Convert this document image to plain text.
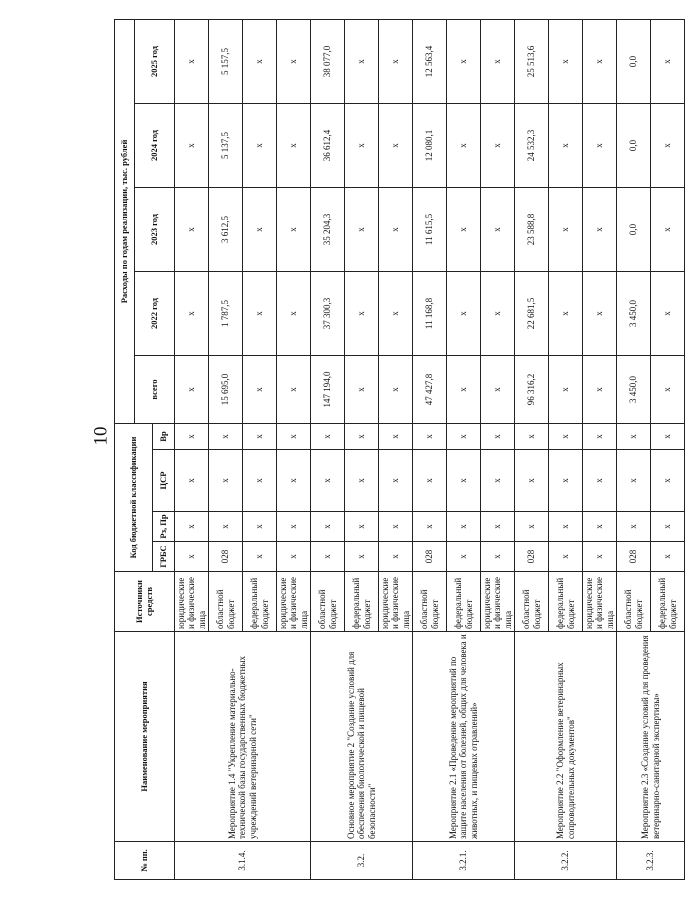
10
№ пп.	Наименование мероприятия	Источники средств	Код бюджетной классификации				Расходы по годам реализации, тыс. рублей				
							всего	2022 год	2023 год	2024 год	2025 год
			ГРБС	Рз, Пр	ЦСР	Вр					
3.1.4.	Мероприятие 1.4 "Укрепление материально-технической базы государственных бюджетных учреждений ветеринарной сети"	юридические и физические лица	х	х	х	х	х	х	х	х	х
		областной бюджет	028	х	х	х	15 695,0	1 787,5	3 612,5	5 137,5	5 157,5
		федеральный бюджет	х	х	х	х	х	х	х	х	х
		юридические и физические лица	х	х	х	х	х	х	х	х	х
3.2.	Основное мероприятие 2 "Создание условий для обеспечения биологической и пищевой безопасности"	областной бюджет	х	х	х	х	147 194,0	37 300,3	35 204,3	36 612,4	38 077,0
		федеральный бюджет	х	х	х	х	х	х	х	х	х
		юридические и физические лица	х	х	х	х	х	х	х	х	х
3.2.1.	Мероприятие 2.1 «Проведение мероприятий по защите населения от болезней, общих для человека и животных, и пищевых отравлений»	областной бюджет	028	х	х	х	47 427,8	11 168,8	11 615,5	12 080,1	12 563,4
		федеральный бюджет	х	х	х	х	х	х	х	х	х
		юридические и физические лица	х	х	х	х	х	х	х	х	х
3.2.2.	Мероприятие 2.2 "Оформление ветеринарных сопроводительных документов"	областной бюджет	028	х	х	х	96 316,2	22 681,5	23 588,8	24 532,3	25 513,6
		федеральный бюджет	х	х	х	х	х	х	х	х	х
		юридические и физические лица	х	х	х	х	х	х	х	х	х
3.2.3.	Мероприятие 2.3 «Создание условий для проведения ветеринарно-санитарной экспертизы»	областной бюджет	028	х	х	х	3 450,0	3 450,0	0,0	0,0	0,0
		федеральный бюджет	х	х	х	х	х	х	х	х	х
